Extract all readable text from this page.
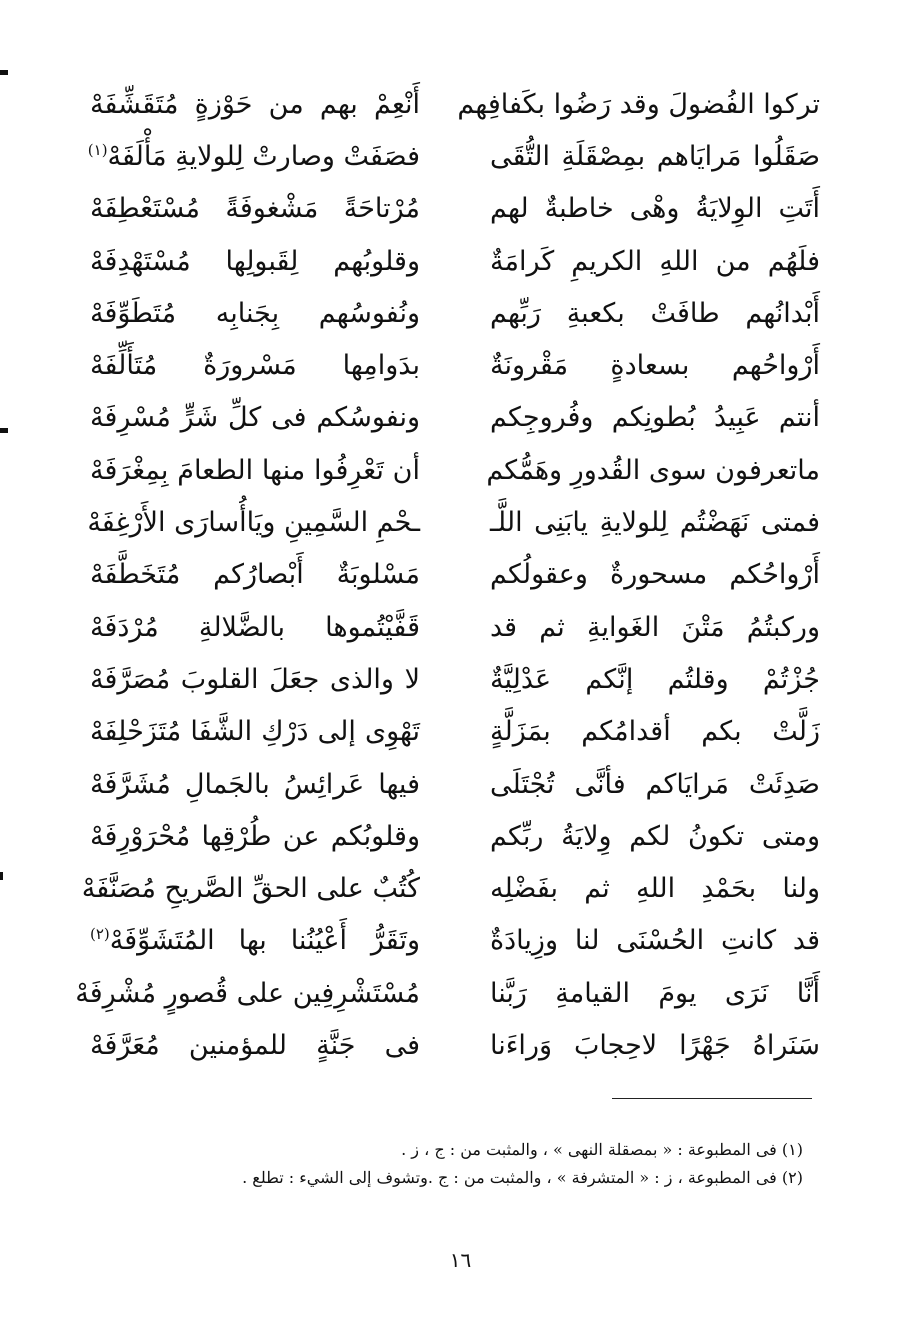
تركوا الفُضولَ وقد رَضُوا بكَفافِهم
أَنْعِمْ بهم من حَوْزةٍ مُتَقَشِّفَهْ
صَقَلُوا مَرايَاهم بمِصْقَلَةِ التُّقَى
فصَفَتْ وصارتْ لِلولايةِ مَأْلَفَهْ$^{(١)}$
أَتَتِ الوِلايَةُ وهْى خاطبةٌ لهم
مُرْتاحَةً مَشْغوفَةً مُسْتَعْطِفَهْ
فلَهُم من اللهِ الكريمِ كَرامَةٌ
وقلوبُهم لِقَبولِها مُسْتَهْدِفَهْ
أَبْدانُهم طافَتْ بكعبةِ رَبِّهم
ونُفوسُهم بِجَنابِه مُتَطَوِّفَهْ
أَرْواحُهم بسعادةٍ مَقْرونَةٌ
بدَوامِها مَسْرورَةٌ مُتَأَلِّفَهْ
أنتم عَبِيدُ بُطونِكم وفُروجِكم
ونفوسُكم فى كلِّ شَرٍّ مُسْرِفَهْ
ماتعرفون سوى القُدورِ وهَمُّكم
أن تَعْرِفُوا منها الطعامَ بِمِغْرَفَهْ
فمتى نَهَضْتُم لِلولايةِ يابَنِى اللَّـ
ـحْمِ السَّمِينِ ويَاأُسارَى الأَرْغِفَهْ
أَرْواحُكم مسحورةٌ وعقولُكم
مَسْلوبَةٌ أَبْصارُكم مُتَخَطَّفَهْ
وركبتُمُ مَتْنَ الغَوايةِ ثم قد
قَفَّيْتُموها بالضَّلالةِ مُرْدَفَهْ
جُزْتُمْ وقلتُم إنَّكم عَدْلِيَّةٌ
لا والذى جعَلَ القلوبَ مُصَرَّفَهْ
زَلَّتْ بكم أقدامُكم بمَزَلَّةٍ
تَهْوِى إلى دَرْكِ الشَّفَا مُتَزَحْلِفَهْ
صَدِئَتْ مَرايَاكم فأنَّى تُجْتَلَى
فيها عَرائِسُ بالجَمالِ مُشَرَّفَهْ
ومتى تكونُ لكم وِلايَةُ ربِّكم
وقلوبُكم عن طُرْقِها مُحْرَوْرِفَهْ
ولنا بحَمْدِ اللهِ ثم بفَضْلِه
كُتُبٌ على الحقِّ الصَّريحِ مُصَنَّفَهْ
قد كانتِ الحُسْنَى لنا وزِيادَةٌ
وتَقَرُّ أَعْيُنُنا بها المُتَشَوِّفَهْ$^{(٢)}$
أَنَّا نَرَى يومَ القيامةِ رَبَّنا
مُسْتَشْرِفِين على قُصورٍ مُشْرِفَهْ
سَنَراهُ جَهْرًا لاحِجابَ وَراءَنا
فى جَنَّةٍ للمؤمنين مُعَرَّفَهْ
(١) فى المطبوعة : « بمصقلة النهى » ، والمثبت من : ج ، ز .
(٢) فى المطبوعة ، ز : « المتشرفة » ، والمثبت من : ج .وتشوف إلى الشيء : تطلع .
١٦
